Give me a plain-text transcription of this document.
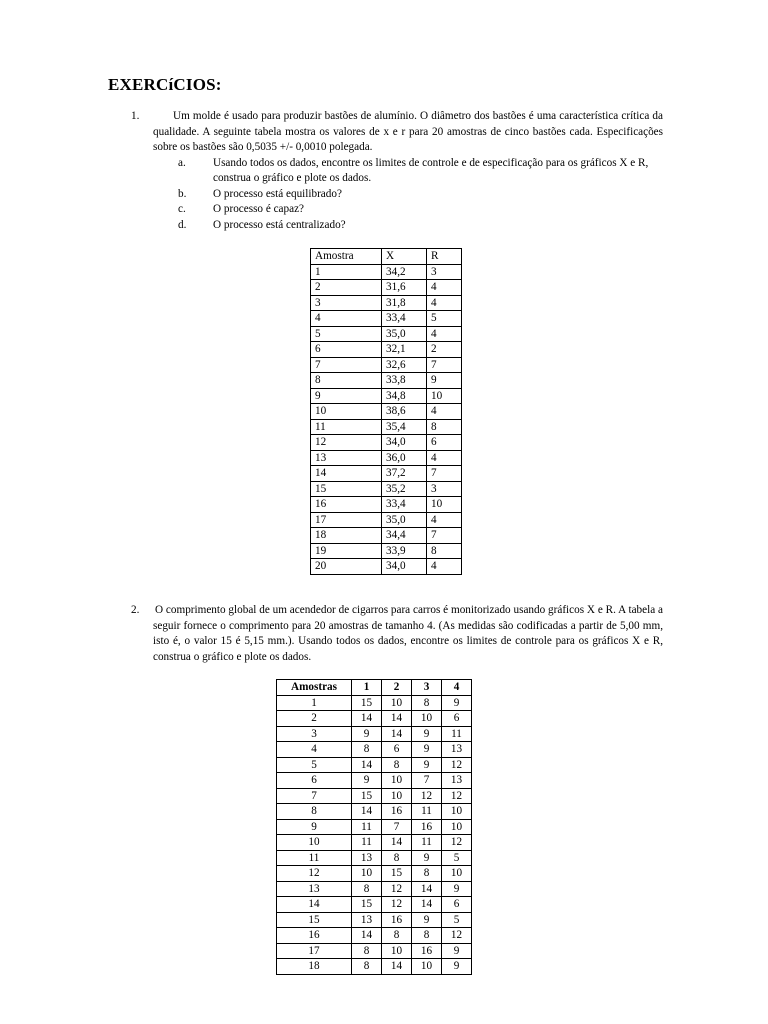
EXERCíCIOS:
1.	Um molde é usado para produzir bastões de alumínio. O diâmetro dos bastões é uma característica crítica da qualidade. A seguinte tabela mostra os valores de x e r para 20 amostras de cinco bastões cada. Especificações sobre os bastões são 0,5035 +/- 0,0010 polegada.
a. Usando todos os dados, encontre os limites de controle e de especificação para os gráficos X e R, construa o gráfico e plote os dados.
b. O processo está equilibrado?
c. O processo é capaz?
d. O processo está centralizado?
Amostra	X	R
1	34,2	3
2	31,6	4
3	31,8	4
4	33,4	5
5	35,0	4
6	32,1	2
7	32,6	7
8	33,8	9
9	34,8	10
10	38,6	4
11	35,4	8
12	34,0	6
13	36,0	4
14	37,2	7
15	35,2	3
16	33,4	10
17	35,0	4
18	34,4	7
19	33,9	8
20	34,0	4
2. O comprimento global de um acendedor de cigarros para carros é monitorizado usando gráficos X e R. A tabela a seguir fornece o comprimento para 20 amostras de tamanho 4. (As medidas são codificadas a partir de 5,00 mm, isto é, o valor 15 é 5,15 mm.). Usando todos os dados, encontre os limites de controle para os gráficos X e R, construa o gráfico e plote os dados.
Amostras	1	2	3	4
1	15	10	8	9
2	14	14	10	6
3	9	14	9	11
4	8	6	9	13
5	14	8	9	12
6	9	10	7	13
7	15	10	12	12
8	14	16	11	10
9	11	7	16	10
10	11	14	11	12
11	13	8	9	5
12	10	15	8	10
13	8	12	14	9
14	15	12	14	6
15	13	16	9	5
16	14	8	8	12
17	8	10	16	9
18	8	14	10	9
